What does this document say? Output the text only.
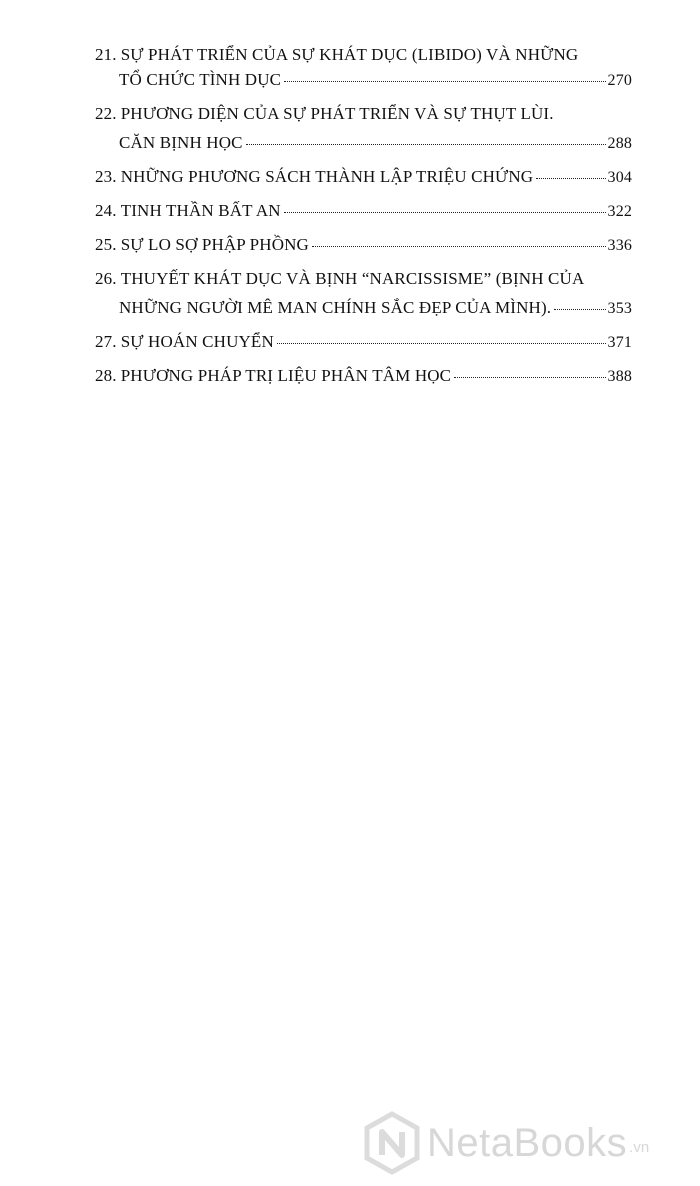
21. SỰ PHÁT TRIỂN CỦA SỰ KHÁT DỤC (LIBIDO) VÀ NHỮNG
TỔ CHỨC TÌNH DỤC	270
22. PHƯƠNG DIỆN CỦA SỰ PHÁT TRIỂN VÀ SỰ THỤT LÙI.
CĂN BỊNH HỌC	288
23. NHỮNG PHƯƠNG SÁCH THÀNH LẬP TRIỆU CHỨNG	304
24. TINH THẦN BẤT AN	322
25. SỰ LO SỢ PHẬP PHỒNG	336
26. THUYẾT KHÁT DỤC VÀ BỊNH “NARCISSISME” (BỊNH CỦA
NHỮNG NGƯỜI MÊ MAN CHÍNH SẮC ĐẸP CỦA MÌNH).	353
27. SỰ HOÁN CHUYỂN	371
28. PHƯƠNG PHÁP TRỊ LIỆU PHÂN TÂM HỌC	388
NetaBooks .vn
